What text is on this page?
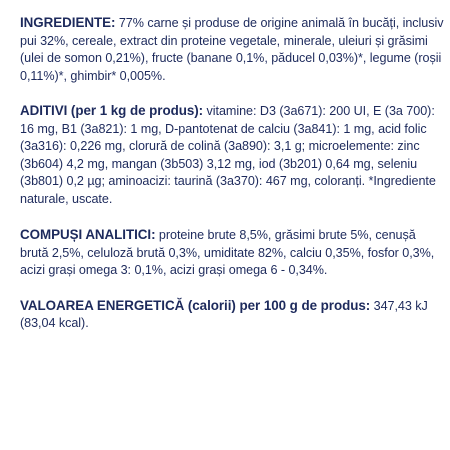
INGREDIENTE: 77% carne și produse de origine animală în bucăți, inclusiv pui 32%, cereale, extract din proteine vegetale, minerale, uleiuri și grăsimi (ulei de somon 0,21%), fructe (banane 0,1%, păducel 0,03%)*, legume (roșii 0,11%)*, ghimbir* 0,005%.

ADITIVI (per 1 kg de produs): vitamine: D3 (3a671): 200 UI, E (3a 700): 16 mg, B1 (3a821): 1 mg, D-pantotenat de calciu (3a841): 1 mg, acid folic (3a316): 0,226 mg, clorură de colină (3a890): 3,1 g; microelemente: zinc (3b604) 4,2 mg, mangan (3b503) 3,12 mg, iod (3b201) 0,64 mg, seleniu (3b801) 0,2 µg; aminoacizi: taurină (3a370): 467 mg, coloranți. *Ingrediente naturale, uscate.

COMPUȘI ANALITICI: proteine brute 8,5%, grăsimi brute 5%, cenușă brută 2,5%, celuloză brută 0,3%, umiditate 82%, calciu 0,35%, fosfor 0,3%, acizi grași omega 3: 0,1%, acizi grași omega 6 - 0,34%.

VALOAREA ENERGETICĂ (calorii) per 100 g de produs: 347,43 kJ (83,04 kcal).
